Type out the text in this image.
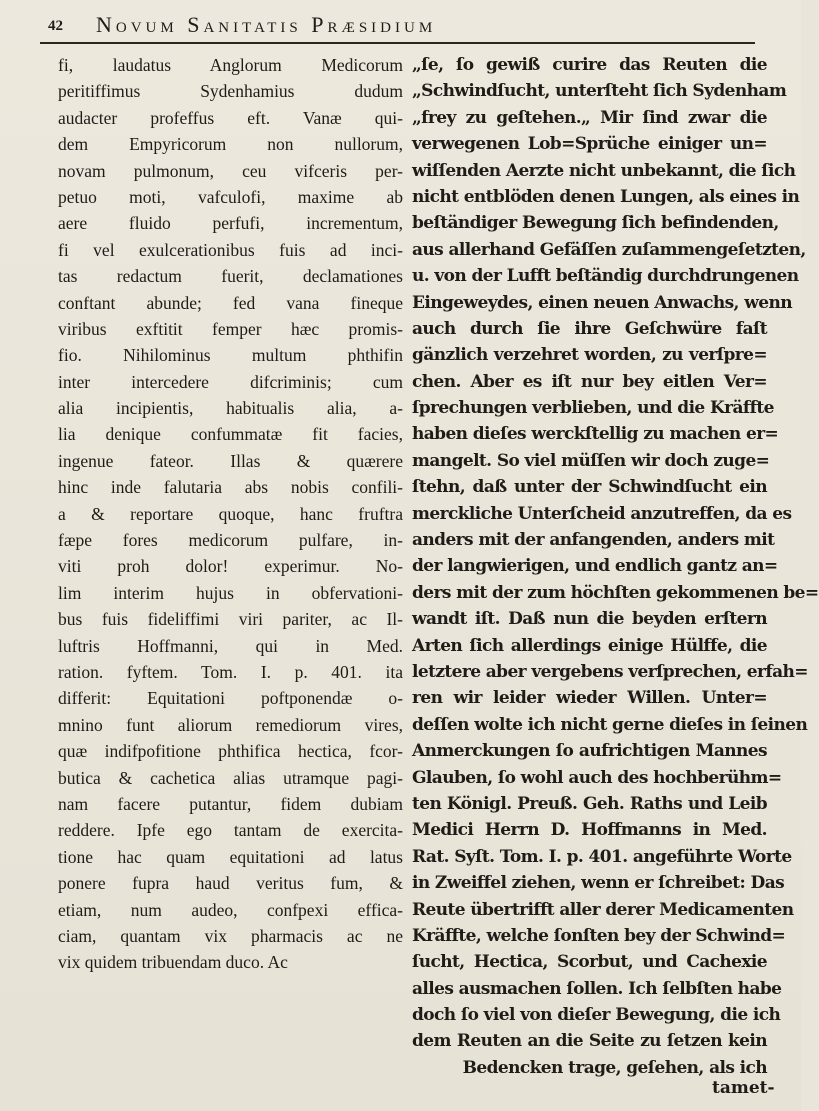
42 Novum Sanitatis Præsidium
fi, laudatus Anglorum Medicorum
peritiffimus Sydenhamius dudum
audacter profeffus eft. Vanæ qui-
dem Empyricorum non nullorum,
novam pulmonum, ceu vifceris per-
petuo moti, vafculofi, maxime ab
aere fluido perfufi, incrementum,
fi vel exulcerationibus fuis ad inci-
tas redactum fuerit, declamationes
conftant abunde; fed vana fineque
viribus exftitit femper hæc promis-
fio. Nihilominus multum phthifin
inter intercedere difcriminis; cum
alia incipientis, habitualis alia, a-
lia denique confummatæ fit facies,
ingenue fateor. Illas & quærere
hinc inde falutaria abs nobis confili-
a & reportare quoque, hanc fruftra
fæpe fores medicorum pulfare, in-
viti proh dolor! experimur. No-
lim interim hujus in obfervationi-
bus fuis fideliffimi viri pariter, ac Il-
luftris Hoffmanni, qui in Med.
ration. fyftem. Tom. I. p. 401. ita
differit: Equitationi poftponendæ o-
mnino funt aliorum remediorum vires,
quæ indifpofitione phthifica hectica, fcor-
butica & cachetica alias utramque pagi-
nam facere putantur, fidem dubiam
reddere. Ipfe ego tantam de exercita-
tione hac quam equitationi ad latus
ponere fupra haud veritus fum, &
etiam, num audeo, confpexi effica-
ciam, quantam vix pharmacis ac ne
vix quidem tribuendam duco. Ac
„ſe, ſo gewiß curire das Reuten die
„Schwindſucht, unterſteht ſich Sydenham
„frey zu geſtehen.„ Mir ſind zwar die
verwegenen Lob=Sprüche einiger un=
wiſſenden Aerzte nicht unbekannt, die ſich
nicht entblöden denen Lungen, als eines in
beſtändiger Bewegung ſich befindenden,
aus allerhand Gefäſſen zuſammengeſetzten,
u. von der Lufft beſtändig durchdrungenen
Eingeweydes, einen neuen Anwachs, wenn
auch durch ſie ihre Geſchwüre faſt
gänzlich verzehret worden, zu verſpre=
chen. Aber es iſt nur bey eitlen Ver=
ſprechungen verblieben, und die Kräffte
haben dieſes werckſtellig zu machen er=
mangelt. So viel müſſen wir doch zuge=
ſtehn, daß unter der Schwindſucht ein
merckliche Unterſcheid anzutreffen, da es
anders mit der anfangenden, anders mit
der langwierigen, und endlich gantz an=
ders mit der zum höchſten gekommenen be=
wandt iſt. Daß nun die beyden erſtern
Arten ſich allerdings einige Hülffe, die
letztere aber vergebens verſprechen, erfah=
ren wir leider wieder Willen. Unter=
deſſen wolte ich nicht gerne dieſes in ſeinen
Anmerckungen ſo aufrichtigen Mannes
Glauben, ſo wohl auch des hochberühm=
ten Königl. Preuß. Geh. Raths und Leib
Medici Herrn D. Hoffmanns in Med.
Rat. Syſt. Tom. I. p. 401. angeführte Worte
in Zweiffel ziehen, wenn er ſchreibet: Das
Reute übertrifft aller derer Medicamenten
Kräffte, welche ſonſten bey der Schwind=
ſucht, Hectica, Scorbut, und Cachexie
alles ausmachen ſollen. Ich ſelbſten habe
doch ſo viel von dieſer Bewegung, die ich
dem Reuten an die Seite zu ſetzen kein
Bedencken trage, geſehen, als ich
tamet-
